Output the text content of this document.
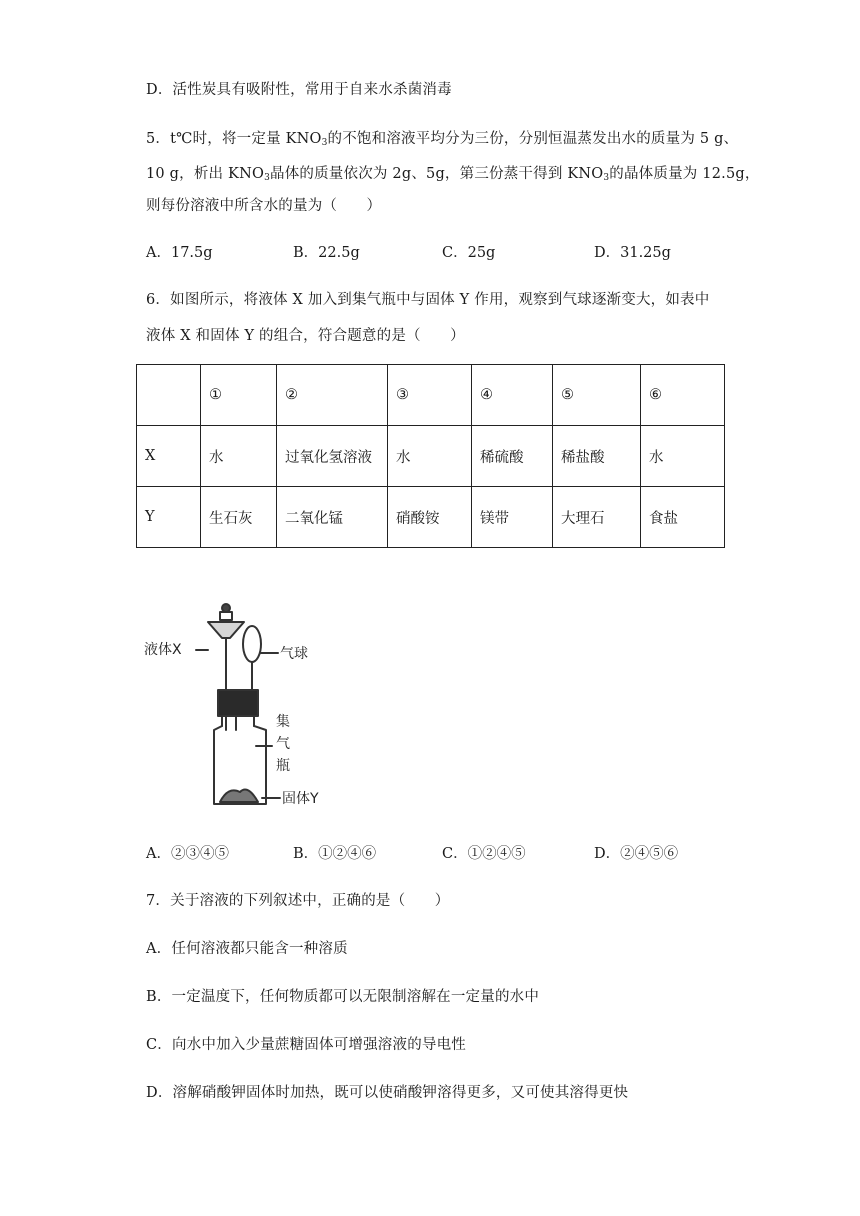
D．活性炭具有吸附性，常用于自来水杀菌消毒
5．t℃时，将一定量 $KNO_3$的不饱和溶液平均分为三份，分别恒温蒸发出水的质量为 5 g、
10 g，析出 $KNO_3$晶体的质量依次为 2g、5g，第三份蒸干得到 $KNO_3$的晶体质量为 12.5g，
则每份溶液中所含水的量为（　　）
A．17.5g	B．22.5g	C．25g	D．31.25g
6．如图所示，将液体 X 加入到集气瓶中与固体 Y 作用，观察到气球逐渐变大，如表中
液体 X 和固体 Y 的组合，符合题意的是（　　）
	①	②	③	④	⑤	⑥
X	水	过氧化氢溶液	水	稀硫酸	稀盐酸	水
Y	生石灰	二氧化锰	硝酸铵	镁带	大理石	食盐
液体X	气球
集
气
瓶
固体Y
A．②③④⑤	B．①②④⑥	C．①②④⑤	D．②④⑤⑥
7．关于溶液的下列叙述中，正确的是（　　）
A．任何溶液都只能含一种溶质
B．一定温度下，任何物质都可以无限制溶解在一定量的水中
C．向水中加入少量蔗糖固体可增强溶液的导电性
D．溶解硝酸钾固体时加热，既可以使硝酸钾溶得更多，又可使其溶得更快
